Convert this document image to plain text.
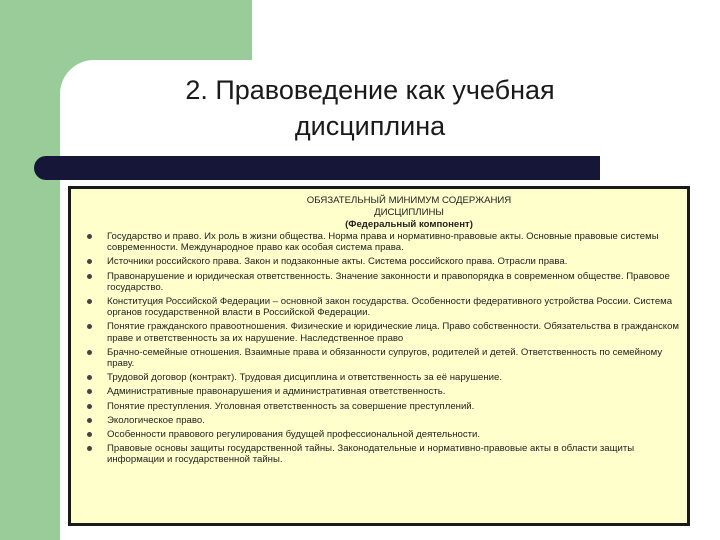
2. Правоведение как учебная
дисциплина
ОБЯЗАТЕЛЬНЫЙ МИНИМУМ СОДЕРЖАНИЯ
ДИСЦИПЛИНЫ
(Федеральный компонент)
Государство и право. Их роль в жизни общества. Норма права и нормативно-правовые акты. Основные правовые системы современности. Международное право как особая система права.
Источники российского права. Закон и подзаконные акты. Система российского права. Отрасли права.
Правонарушение и юридическая ответственность. Значение законности и правопорядка в современном обществе. Правовое государство.
Конституция Российской Федерации – основной закон государства. Особенности федеративного устройства России. Система органов государственной власти в Российской Федерации.
Понятие гражданского правоотношения. Физические и юридические лица. Право собственности. Обязательства в гражданском праве и ответственность за их нарушение. Наследственное право
Брачно-семейные отношения. Взаимные права и обязанности супругов, родителей и детей. Ответственность по семейному праву.
Трудовой договор (контракт). Трудовая дисциплина и ответственность за её нарушение.
Административные правонарушения и административная ответственность.
Понятие преступления. Уголовная ответственность за совершение преступлений.
Экологическое право.
Особенности правового регулирования будущей профессиональной деятельности.
Правовые основы защиты государственной тайны. Законодательные и нормативно-правовые акты в области защиты информации и государственной тайны.
